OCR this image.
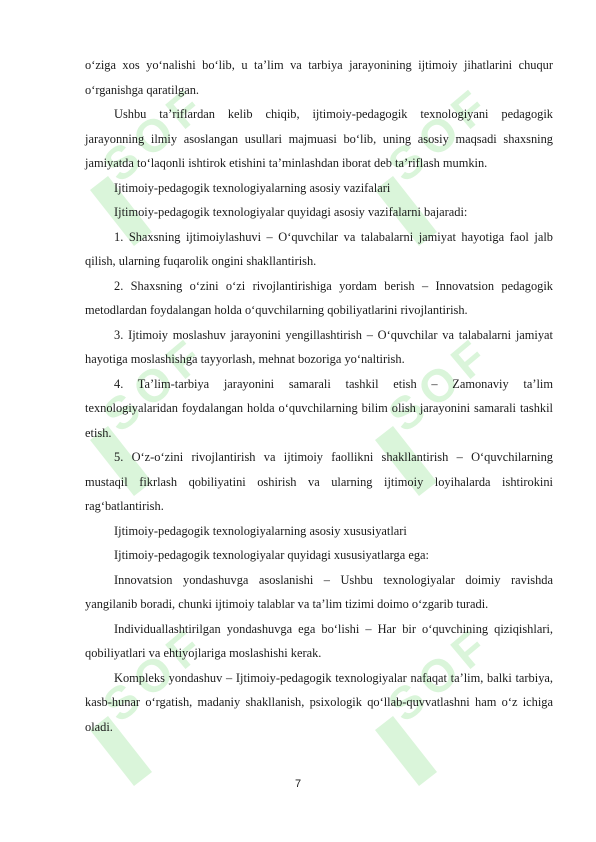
o‘ziga xos yo‘nalishi bo‘lib, u ta’lim va tarbiya jarayonining ijtimoiy jihatlarini chuqur o‘rganishga qaratilgan.

Ushbu ta’riflardan kelib chiqib, ijtimoiy-pedagogik texnologiyani pedagogik jarayonning ilmiy asoslangan usullari majmuasi bo‘lib, uning asosiy maqsadi shaxsning jamiyatda to‘laqonli ishtirok etishini ta’minlashdan iborat deb ta’riflash mumkin.

Ijtimoiy-pedagogik texnologiyalarning asosiy vazifalari

Ijtimoiy-pedagogik texnologiyalar quyidagi asosiy vazifalarni bajaradi:

1. Shaxsning ijtimoiylashuvi – O‘quvchilar va talabalarni jamiyat hayotiga faol jalb qilish, ularning fuqarolik ongini shakllantirish.

2. Shaxsning o‘zini o‘zi rivojlantirishiga yordam berish – Innovatsion pedagogik metodlardan foydalangan holda o‘quvchilarning qobiliyatlarini rivojlantirish.

3. Ijtimoiy moslashuv jarayonini yengillashtirish – O‘quvchilar va talabalarni jamiyat hayotiga moslashishga tayyorlash, mehnat bozoriga yo‘naltirish.

4. Ta’lim-tarbiya jarayonini samarali tashkil etish – Zamonaviy ta’lim texnologiyalaridan foydalangan holda o‘quvchilarning bilim olish jarayonini samarali tashkil etish.

5. O‘z-o‘zini rivojlantirish va ijtimoiy faollikni shakllantirish – O‘quvchilarning mustaqil fikrlash qobiliyatini oshirish va ularning ijtimoiy loyihalarda ishtirokini rag‘batlantirish.

Ijtimoiy-pedagogik texnologiyalarning asosiy xususiyatlari

Ijtimoiy-pedagogik texnologiyalar quyidagi xususiyatlarga ega:

Innovatsion yondashuvga asoslanishi – Ushbu texnologiyalar doimiy ravishda yangilanib boradi, chunki ijtimoiy talablar va ta’lim tizimi doimo o‘zgarib turadi.

Individuallashtirilgan yondashuvga ega bo‘lishi – Har bir o‘quvchining qiziqishlari, qobiliyatlari va ehtiyojlariga moslashishi kerak.

Kompleks yondashuv – Ijtimoiy-pedagogik texnologiyalar nafaqat ta’lim, balki tarbiya, kasb-hunar o‘rgatish, madaniy shakllanish, psixologik qo‘llab-quvvatlashni ham o‘z ichiga oladi.

7
